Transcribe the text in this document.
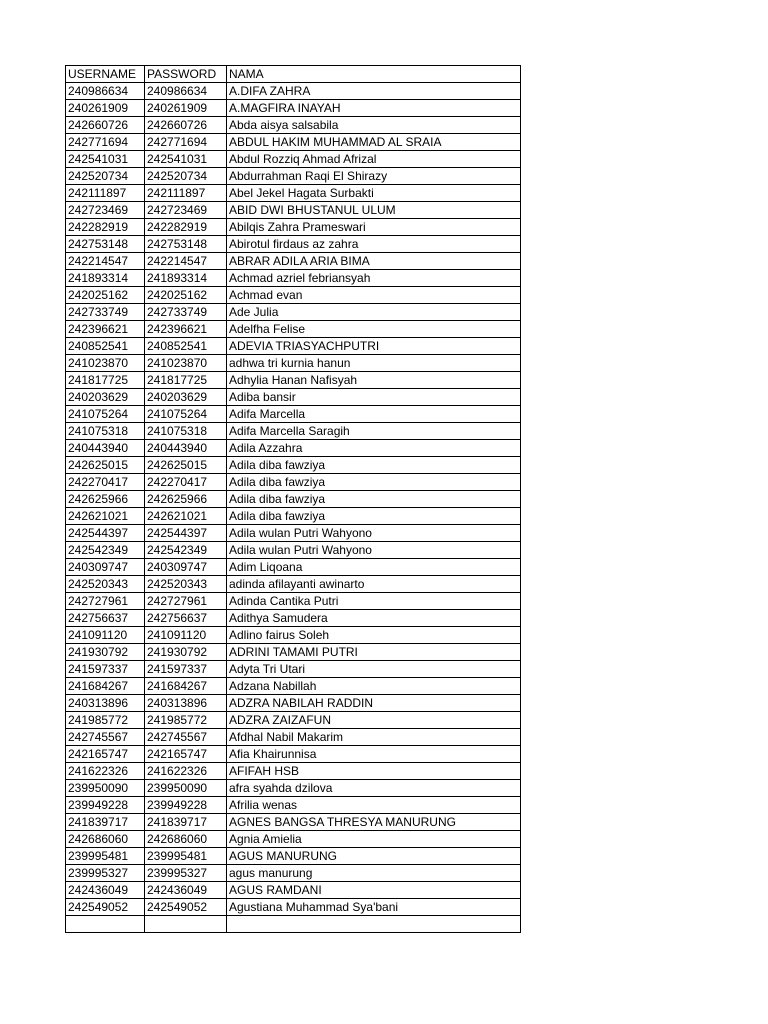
USERNAME	PASSWORD	NAMA
240986634	240986634	A.DIFA ZAHRA
240261909	240261909	A.MAGFIRA INAYAH
242660726	242660726	Abda aisya salsabila
242771694	242771694	ABDUL HAKIM MUHAMMAD AL SRAIA
242541031	242541031	Abdul Rozziq Ahmad Afrizal
242520734	242520734	Abdurrahman Raqi El Shirazy
242111897	242111897	Abel Jekel Hagata Surbakti
242723469	242723469	ABID DWI BHUSTANUL ULUM
242282919	242282919	Abilqis Zahra Prameswari
242753148	242753148	Abirotul firdaus az zahra
242214547	242214547	ABRAR ADILA ARIA BIMA
241893314	241893314	Achmad azriel febriansyah
242025162	242025162	Achmad evan
242733749	242733749	Ade Julia
242396621	242396621	Adelfha Felise
240852541	240852541	ADEVIA TRIASYACHPUTRI
241023870	241023870	adhwa tri kurnia hanun
241817725	241817725	Adhylia Hanan Nafisyah
240203629	240203629	Adiba bansir
241075264	241075264	Adifa Marcella
241075318	241075318	Adifa Marcella Saragih
240443940	240443940	Adila Azzahra
242625015	242625015	Adila diba fawziya
242270417	242270417	Adila diba fawziya
242625966	242625966	Adila diba fawziya
242621021	242621021	Adila diba fawziya
242544397	242544397	Adila wulan Putri Wahyono
242542349	242542349	Adila wulan Putri Wahyono
240309747	240309747	Adim Liqoana
242520343	242520343	adinda afilayanti awinarto
242727961	242727961	Adinda Cantika Putri
242756637	242756637	Adithya Samudera
241091120	241091120	Adlino fairus Soleh
241930792	241930792	ADRINI TAMAMI PUTRI
241597337	241597337	Adyta Tri Utari
241684267	241684267	Adzana Nabillah
240313896	240313896	ADZRA NABILAH RADDIN
241985772	241985772	ADZRA ZAIZAFUN
242745567	242745567	Afdhal Nabil Makarim
242165747	242165747	Afia Khairunnisa
241622326	241622326	AFIFAH HSB
239950090	239950090	afra syahda dzilova
239949228	239949228	Afrilia wenas
241839717	241839717	AGNES BANGSA THRESYA MANURUNG
242686060	242686060	Agnia Amielia
239995481	239995481	AGUS MANURUNG
239995327	239995327	agus manurung
242436049	242436049	AGUS RAMDANI
242549052	242549052	Agustiana Muhammad Sya'bani
